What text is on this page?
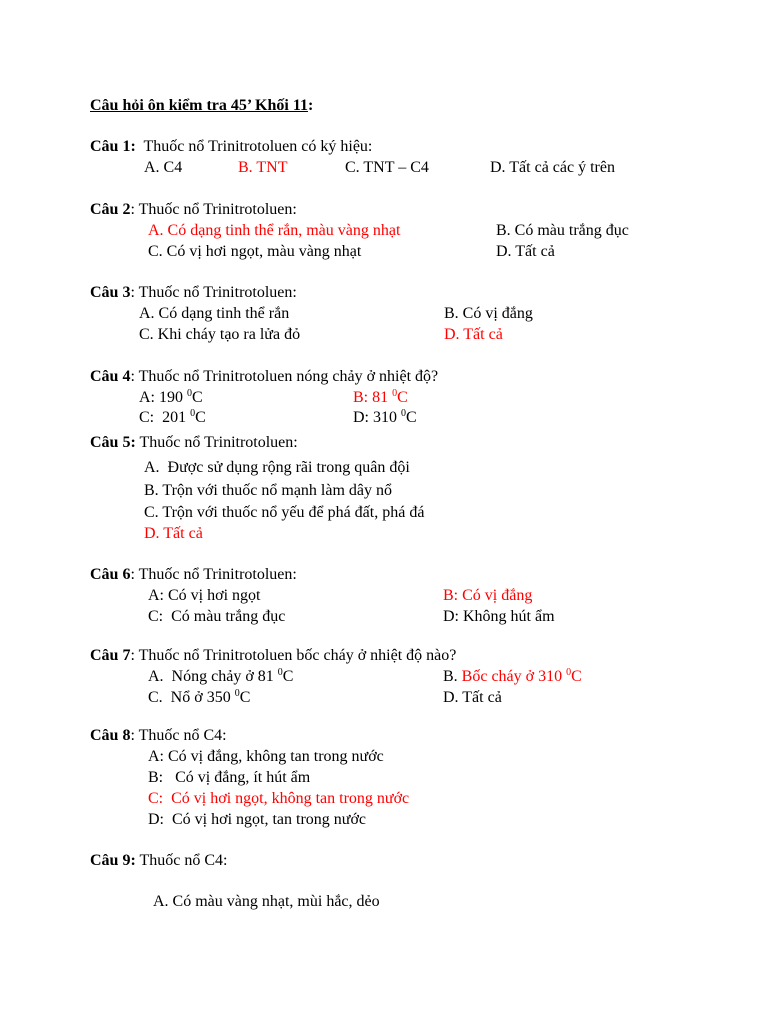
Câu hỏi ôn kiểm tra 45’ Khối 11:
Câu 1:  Thuốc nổ Trinitrotoluen có ký hiệu:
A. C4	B. TNT	C. TNT – C4	D. Tất cả các ý trên
Câu 2: Thuốc nổ Trinitrotoluen:
A. Có dạng tinh thể rắn, màu vàng nhạt	B. Có màu trắng đục
C. Có vị hơi ngọt, màu vàng nhạt	D. Tất cả
Câu 3: Thuốc nổ Trinitrotoluen:
A. Có dạng tinh thể rắn	B. Có vị đắng
C. Khi cháy tạo ra lửa đỏ	D. Tất cả
Câu 4: Thuốc nổ Trinitrotoluen nóng chảy ở nhiệt độ?
A: 190 $^0$C	B: 81 $^0$C
C:  201 $^0$C	D: 310 $^0$C
Câu 5: Thuốc nổ Trinitrotoluen:
A.  Được sử dụng rộng rãi trong quân đội
B. Trộn với thuốc nổ mạnh làm dây nổ
C. Trộn với thuốc nổ yếu để phá đất, phá đá
D. Tất cả
Câu 6: Thuốc nổ Trinitrotoluen:
A: Có vị hơi ngọt	B: Có vị đắng
C:  Có màu trắng đục	D: Không hút ẩm
Câu 7: Thuốc nổ Trinitrotoluen bốc cháy ở nhiệt độ nào?
A.  Nóng chảy ở 81 $^0$C	B. Bốc cháy ở 310 $^0$C
C.  Nổ ở 350 $^0$C	D. Tất cả
Câu 8: Thuốc nổ C4:
A: Có vị đắng, không tan trong nước
B:   Có vị đắng, ít hút ẩm
C:  Có vị hơi ngọt, không tan trong nước
D:  Có vị hơi ngọt, tan trong nước
Câu 9: Thuốc nổ C4:
A. Có màu vàng nhạt, mùi hắc, dẻo
